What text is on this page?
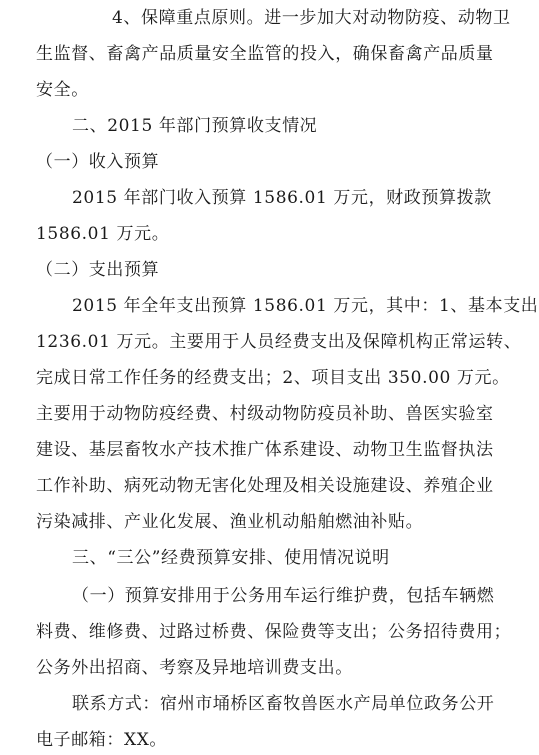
4、保障重点原则。进一步加大对动物防疫、动物卫
生监督、畜禽产品质量安全监管的投入，确保畜禽产品质量
安全。
二、2015 年部门预算收支情况
（一）收入预算
2015 年部门收入预算 1586.01 万元，财政预算拨款
1586.01 万元。
（二）支出预算
2015 年全年支出预算 1586.01 万元，其中：1、基本支出
1236.01 万元。主要用于人员经费支出及保障机构正常运转、
完成日常工作任务的经费支出；2、项目支出 350.00 万元。
主要用于动物防疫经费、村级动物防疫员补助、兽医实验室
建设、基层畜牧水产技术推广体系建设、动物卫生监督执法
工作补助、病死动物无害化处理及相关设施建设、养殖企业
污染减排、产业化发展、渔业机动船舶燃油补贴。
三、“三公”经费预算安排、使用情况说明
（一）预算安排用于公务用车运行维护费，包括车辆燃
料费、维修费、过路过桥费、保险费等支出；公务招待费用；
公务外出招商、考察及异地培训费支出。
联系方式：宿州市埇桥区畜牧兽医水产局单位政务公开
电子邮箱：XX。
